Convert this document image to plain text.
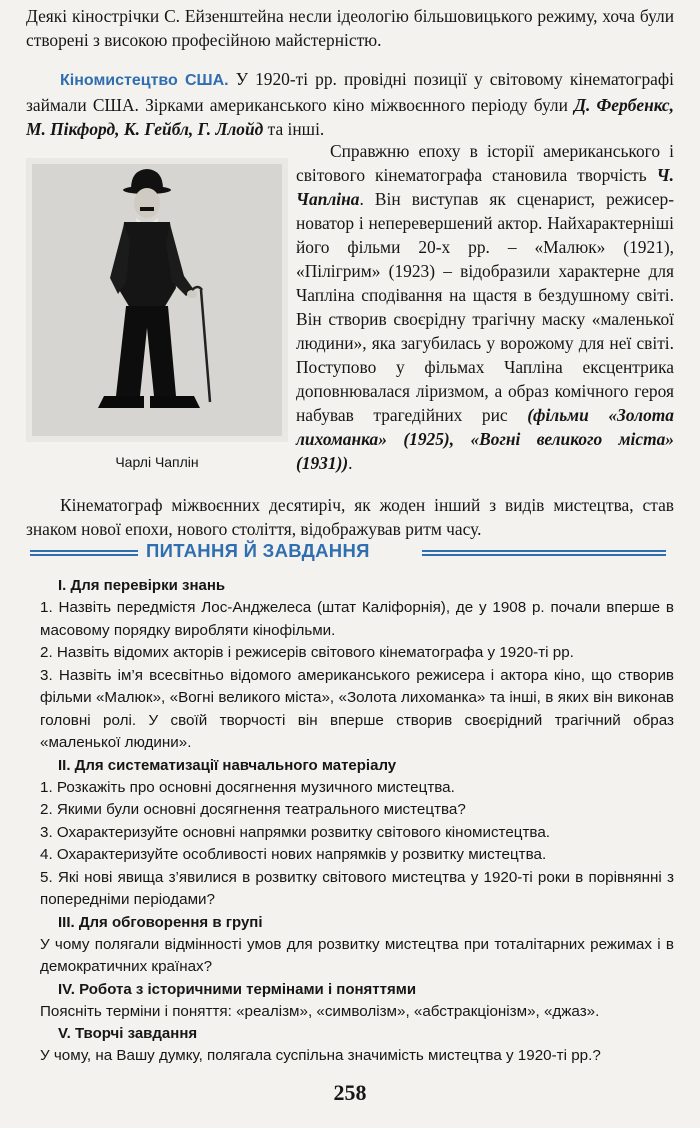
Деякі кінострічки С. Ейзенштейна несли ідеологію більшовицького режиму, хоча були створені з високою професійною майстерністю.

Кіномистецтво США. У 1920-ті рр. провідні позиції у світовому кінематографі займали США. Зірками американського кіно міжвоєнного періоду були Д. Фербенкс, М. Пікфорд, К. Гейбл, Г. Ллойд та інші.

Чарлі Чаплін

Справжню епоху в історії американського і світового кінематографа становила творчість Ч. Чапліна. Він виступав як сценарист, режисер-новатор і неперевершений актор. Найхарактерніші його фільми 20-х рр. – «Малюк» (1921), «Пілігрим» (1923) – відобразили характерне для Чапліна сподівання на щастя в бездушному світі. Він створив своєрідну трагічну маску «маленької людини», яка загубилась у ворожому для неї світі. Поступово у фільмах Чапліна ексцентрика доповнювалася ліризмом, а образ комічного героя набував трагедійних рис (фільми «Золота лихоманка» (1925), «Вогні великого міста» (1931)).

Кінематограф міжвоєнних десятиріч, як жоден інший з видів мистецтва, став знаком нової епохи, нового століття, відображував ритм часу.

ПИТАННЯ Й ЗАВДАННЯ

І. Для перевірки знань

1. Назвіть передмістя Лос-Анджелеса (штат Каліфорнія), де у 1908 р. почали вперше в масовому порядку виробляти кінофільми.

2. Назвіть відомих акторів і режисерів світового кінематографа у 1920-ті рр.

3. Назвіть ім’я всесвітньо відомого американського режисера і актора кіно, що створив фільми «Малюк», «Вогні великого міста», «Золота лихоманка» та інші, в яких він виконав головні ролі. У своїй творчості він вперше створив своєрідний трагічний образ «маленької людини».

ІІ. Для систематизації навчального матеріалу

1. Розкажіть про основні досягнення музичного мистецтва.

2. Якими були основні досягнення театрального мистецтва?

3. Охарактеризуйте основні напрямки розвитку світового кіномистецтва.

4. Охарактеризуйте особливості нових напрямків у розвитку мистецтва.

5. Які нові явища з’явилися в розвитку світового мистецтва у 1920-ті роки в порівнянні з попередніми періодами?

ІІІ. Для обговорення в групі

У чому полягали відмінності умов для розвитку мистецтва при тоталітарних режимах і в демократичних країнах?

IV. Робота з історичними термінами і поняттями

Поясніть терміни і поняття: «реалізм», «символізм», «абстракціонізм», «джаз».

V. Творчі завдання

У чому, на Вашу думку, полягала суспільна значимість мистецтва у 1920-ті рр.?

258
